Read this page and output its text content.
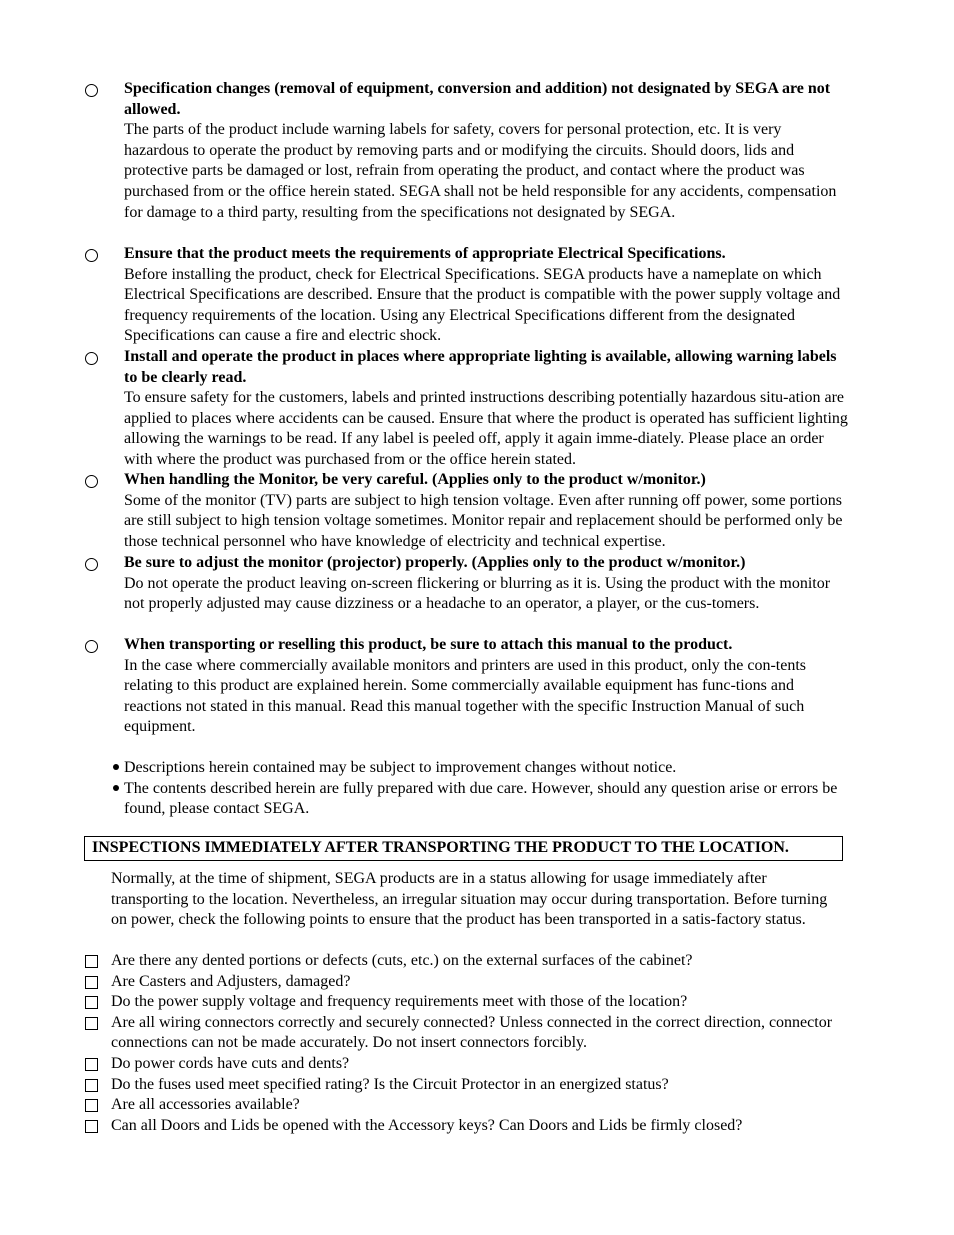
Specification changes (removal of equipment, conversion and addition) not designated by SEGA are not allowed.

The parts of the product include warning labels for safety, covers for personal protection, etc. It is very hazardous to operate the product by removing parts and or modifying the circuits. Should doors, lids and protective parts be damaged or lost, refrain from operating the product, and contact where the product was purchased from or the office herein stated. SEGA shall not be held responsible for any accidents, compensation for damage to a third party, resulting from the specifications not designated by SEGA.

Ensure that the product meets the requirements of appropriate Electrical Specifications.

Before installing the product, check for Electrical Specifications. SEGA products have a nameplate on which Electrical Specifications are described. Ensure that the product is compatible with the power supply voltage and frequency requirements of the location. Using any Electrical Specifications different from the designated Specifications can cause a fire and electric shock.

Install and operate the product in places where appropriate lighting is available, allowing warning labels to be clearly read.

To ensure safety for the customers, labels and printed instructions describing potentially hazardous situ-ation are applied to places where accidents can be caused. Ensure that where the product is operated has sufficient lighting allowing the warnings to be read. If any label is peeled off, apply it again imme-diately. Please place an order with where the product was purchased from or the office herein stated.

When handling the Monitor, be very careful. (Applies only to the product w/monitor.)

Some of the monitor (TV) parts are subject to high tension voltage. Even after running off power, some portions are still subject to high tension voltage sometimes. Monitor repair and replacement should be performed only be those technical personnel who have knowledge of electricity and technical expertise.

Be sure to adjust the monitor (projector) properly. (Applies only to the product w/monitor.)

Do not operate the product leaving on-screen flickering or blurring as it is. Using the product with the monitor not properly adjusted may cause dizziness or a headache to an operator, a player, or the cus-tomers.

When transporting or reselling this product, be sure to attach this manual to the product.

In the case where commercially available monitors and printers are used in this product, only the con-tents relating to this product are explained herein. Some commercially available equipment has func-tions and reactions not stated in this manual. Read this manual together with the specific Instruction Manual of such equipment.

Descriptions herein contained may be subject to improvement changes without notice.

The contents described herein are fully prepared with due care. However, should any question arise or errors be found, please contact SEGA.

INSPECTIONS IMMEDIATELY AFTER TRANSPORTING THE PRODUCT TO THE LOCATION.

Normally, at the time of shipment, SEGA products are in a status allowing for usage immediately after transporting to the location. Nevertheless, an irregular situation may occur during transportation. Before turning on power, check the following points to ensure that the product has been transported in a satis-factory status.

Are there any dented portions or defects (cuts, etc.) on the external surfaces of the cabinet?

Are Casters and Adjusters, damaged?

Do the power supply voltage and frequency requirements meet with those of the location?

Are all wiring connectors correctly and securely connected? Unless connected in the correct direction, connector connections can not be made accurately. Do not insert connectors forcibly.

Do power cords have cuts and dents?

Do the fuses used meet specified rating? Is the Circuit Protector in an energized status?

Are all accessories available?

Can all Doors and Lids be opened with the Accessory keys? Can Doors and Lids be firmly closed?
